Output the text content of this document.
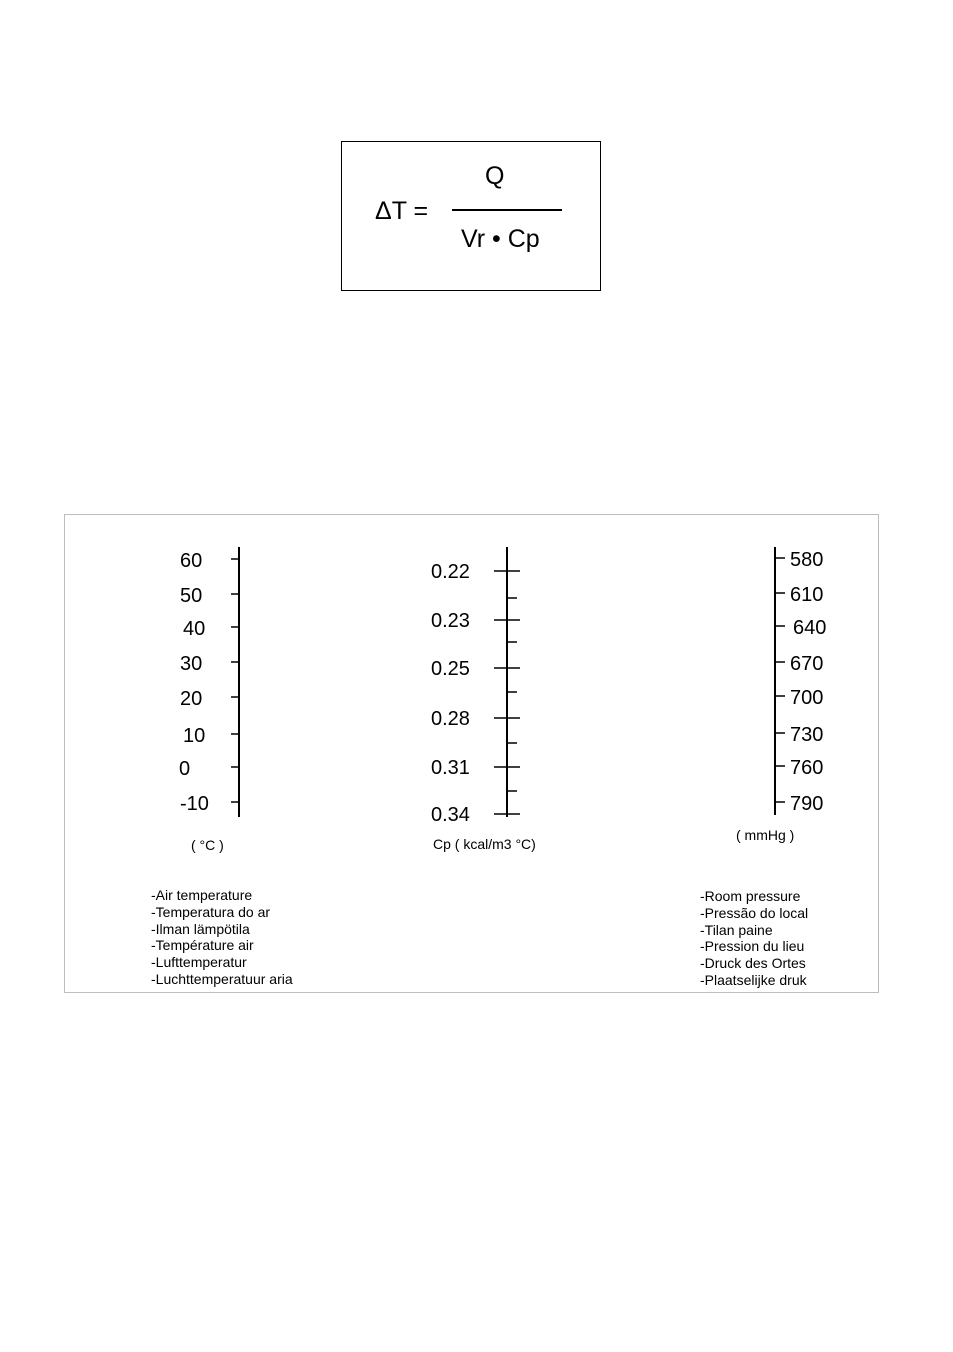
ΔT =
Q
Vr • Cp
60
50
40
30
20
10
0
-10
0.22
0.23
0.25
0.28
0.31
0.34
580
610
640
670
700
730
760
790
( °C )	Cp ( kcal/m3 °C)
( mmHg )
-Air temperature
-Temperatura do ar
-Ilman lämpötila
-Température air
-Lufttemperatur
-Luchttemperatuur aria
-Room pressure
-Pressão do local
-Tilan paine
-Pression du lieu
-Druck des Ortes
-Plaatselijke druk
